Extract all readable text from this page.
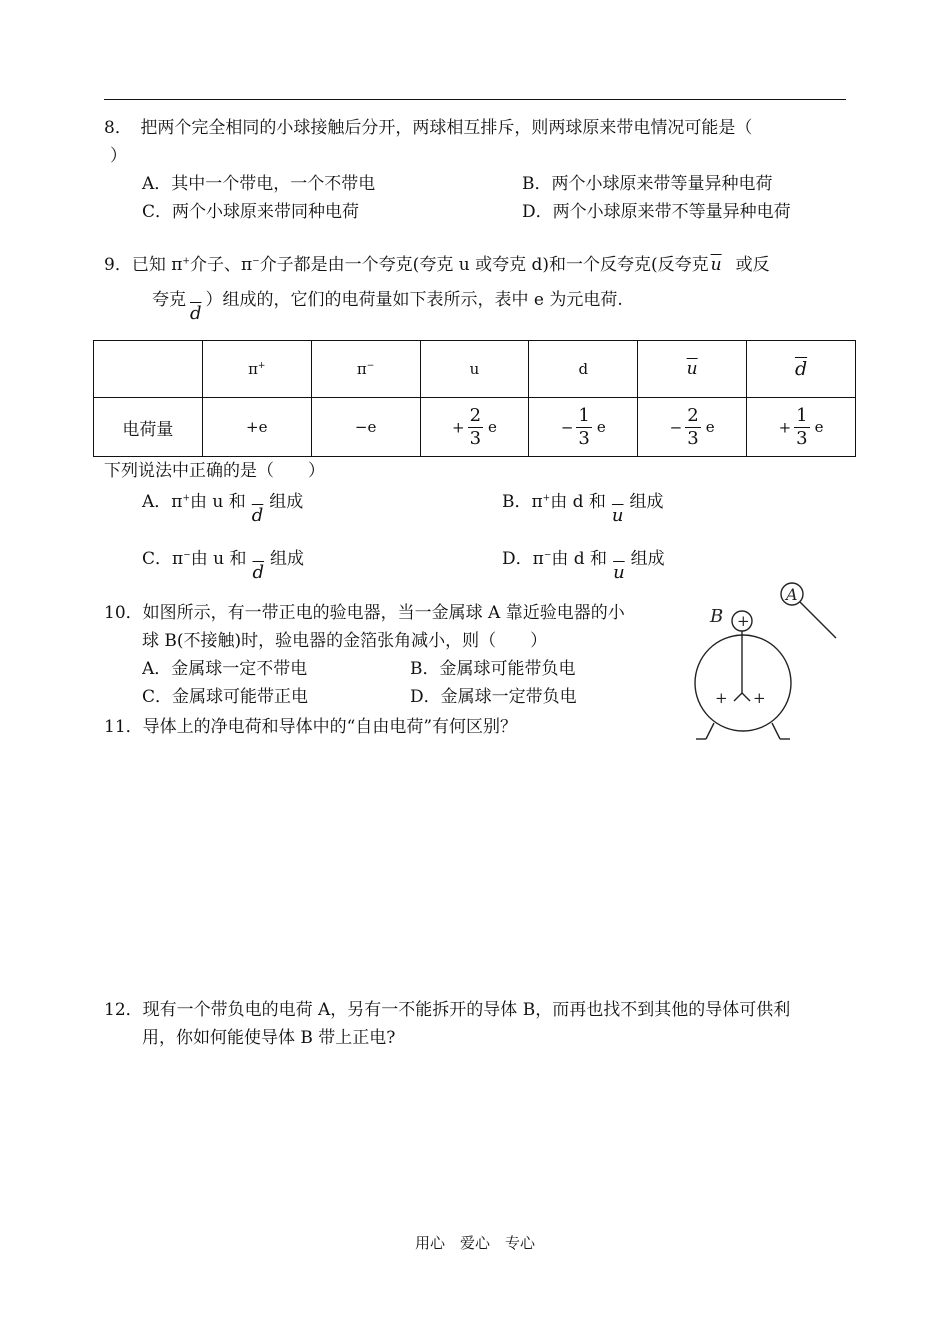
8．　把两个完全相同的小球接触后分开，两球相互排斥，则两球原来带电情况可能是（
）
A．其中一个带电，一个不带电	B．两个小球原来带等量异种电荷
C．两个小球原来带同种电荷	D．两个小球原来带不等量异种电荷
9．已知 π+介子、π−介子都是由一个夸克(夸克 u 或夸克 d)和一个反夸克(反夸克 $\overline{u}$ 或反
夸克$\overline{d}$）组成的，它们的电荷量如下表所示，表中 e 为元电荷.
	π+	π−	u	d	$\overline{u}$	$\overline{d}$
电荷量	+e	−e	+ $\frac{2}{3}$ e	− $\frac{1}{3}$ e	− $\frac{2}{3}$ e	+ $\frac{1}{3}$ e
下列说法中正确的是（　　）
A．π+由 u 和$\overline{d}$组成	B．π+由 d 和$\overline{u}$组成
C．π−由 u 和$\overline{d}$组成	D．π−由 d 和$\overline{u}$组成
10．如图所示，有一带正电的验电器，当一金属球 A 靠近验电器的小
球 B(不接触)时，验电器的金箔张角减小，则（　　）
A．金属球一定不带电	B．金属球可能带负电
C．金属球可能带正电	D．金属球一定带负电
+
+ +
B
A
11．导体上的净电荷和导体中的“自由电荷”有何区别？
12．现有一个带负电的电荷 A，另有一不能拆开的导体 B，而再也找不到其他的导体可供利
用，你如何能使导体 B 带上正电?
用心　爱心　专心
